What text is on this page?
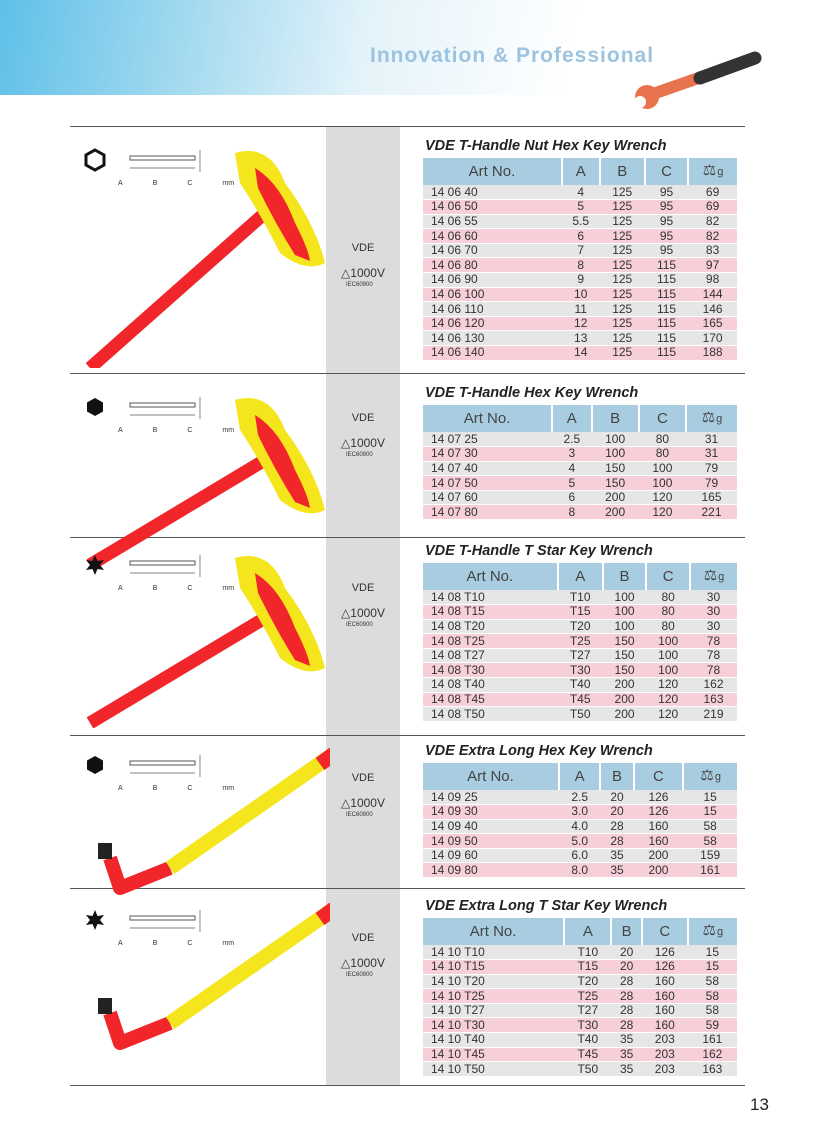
Innovation & Professional
VDE T-Handle Nut Hex Key Wrench
Art No.	A	B	C	⚖g
14 06 40	4	125	95	69
14 06 50	5	125	95	69
14 06 55	5.5	125	95	82
14 06 60	6	125	95	82
14 06 70	7	125	95	83
14 06 80	8	125	115	97
14 06 90	9	125	115	98
14 06 100	10	125	115	144
14 06 110	11	125	115	146
14 06 120	12	125	115	165
14 06 130	13	125	115	170
14 06 140	14	125	115	188
VDE
△1000V
IEC60900
A	B	C	mm
VDE T-Handle Hex Key Wrench
Art No.	A	B	C	⚖g
14 07 25	2.5	100	80	31
14 07 30	3	100	80	31
14 07 40	4	150	100	79
14 07 50	5	150	100	79
14 07 60	6	200	120	165
14 07 80	8	200	120	221
VDE
△1000V
IEC60900
A	B	C	mm
VDE T-Handle T Star Key Wrench
Art No.	A	B	C	⚖g
14 08 T10	T10	100	80	30
14 08 T15	T15	100	80	30
14 08 T20	T20	100	80	30
14 08 T25	T25	150	100	78
14 08 T27	T27	150	100	78
14 08 T30	T30	150	100	78
14 08 T40	T40	200	120	162
14 08 T45	T45	200	120	163
14 08 T50	T50	200	120	219
VDE
△1000V
IEC60900
A	B	C	mm
VDE Extra Long Hex Key Wrench
Art No.	A	B	C	⚖g
14 09 25	2.5	20	126	15
14 09 30	3.0	20	126	15
14 09 40	4.0	28	160	58
14 09 50	5.0	28	160	58
14 09 60	6.0	35	200	159
14 09 80	8.0	35	200	161
VDE
△1000V
IEC60900
A	B	C	mm
VDE Extra Long T Star Key Wrench
Art No.	A	B	C	⚖g
14 10 T10	T10	20	126	15
14 10 T15	T15	20	126	15
14 10 T20	T20	28	160	58
14 10 T25	T25	28	160	58
14 10 T27	T27	28	160	58
14 10 T30	T30	28	160	59
14 10 T40	T40	35	203	161
14 10 T45	T45	35	203	162
14 10 T50	T50	35	203	163
VDE
△1000V
IEC60900
A	B	C	mm
13
